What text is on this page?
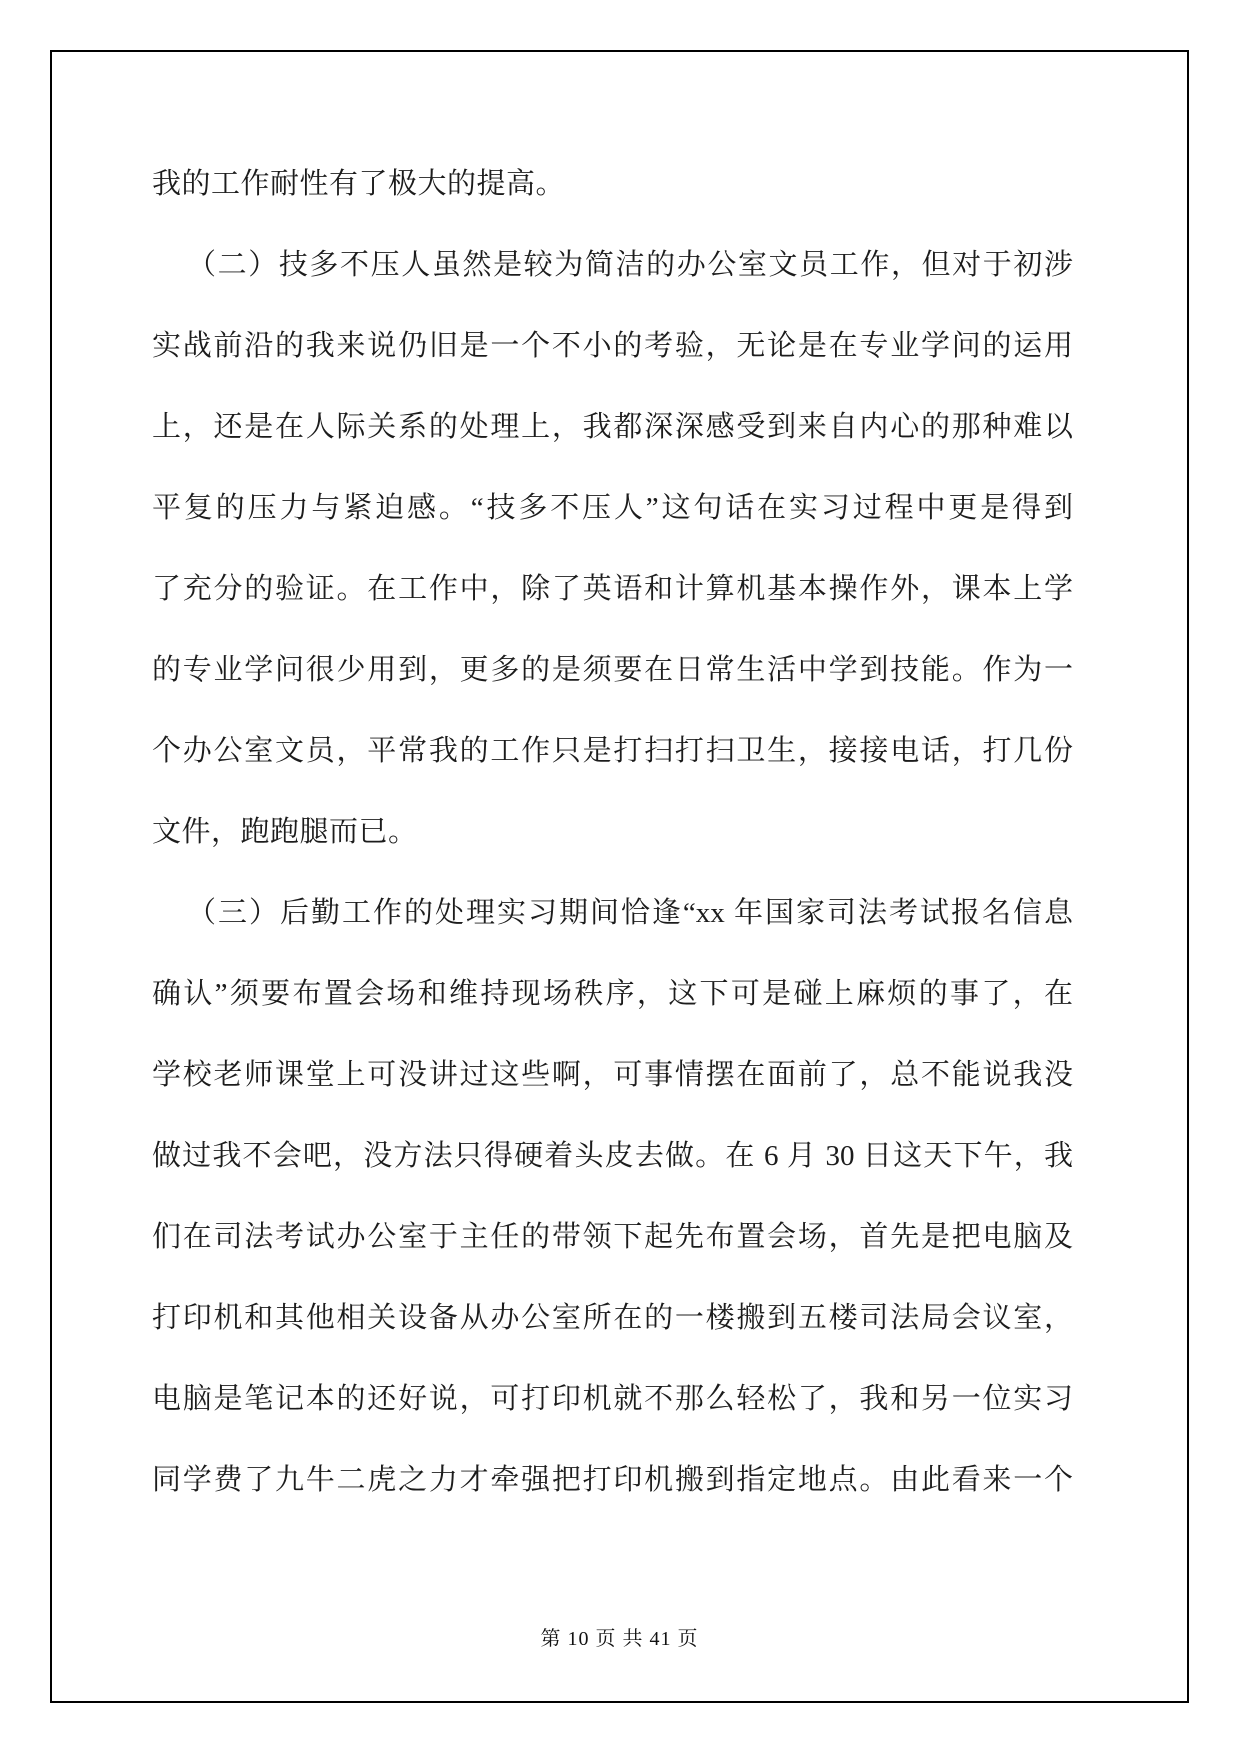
我的工作耐性有了极大的提高。
（二）技多不压人虽然是较为简洁的办公室文员工作，但对于初涉
实战前沿的我来说仍旧是一个不小的考验，无论是在专业学问的运用
上，还是在人际关系的处理上，我都深深感受到来自内心的那种难以
平复的压力与紧迫感。“技多不压人”这句话在实习过程中更是得到
了充分的验证。在工作中，除了英语和计算机基本操作外，课本上学
的专业学问很少用到，更多的是须要在日常生活中学到技能。作为一
个办公室文员，平常我的工作只是打扫打扫卫生，接接电话，打几份
文件，跑跑腿而已。
（三）后勤工作的处理实习期间恰逢“xx 年国家司法考试报名信息
确认”须要布置会场和维持现场秩序，这下可是碰上麻烦的事了，在
学校老师课堂上可没讲过这些啊，可事情摆在面前了，总不能说我没
做过我不会吧，没方法只得硬着头皮去做。在 6 月 30 日这天下午，我
们在司法考试办公室于主任的带领下起先布置会场，首先是把电脑及
打印机和其他相关设备从办公室所在的一楼搬到五楼司法局会议室，
电脑是笔记本的还好说，可打印机就不那么轻松了，我和另一位实习
同学费了九牛二虎之力才牵强把打印机搬到指定地点。由此看来一个
第 10 页 共 41 页
